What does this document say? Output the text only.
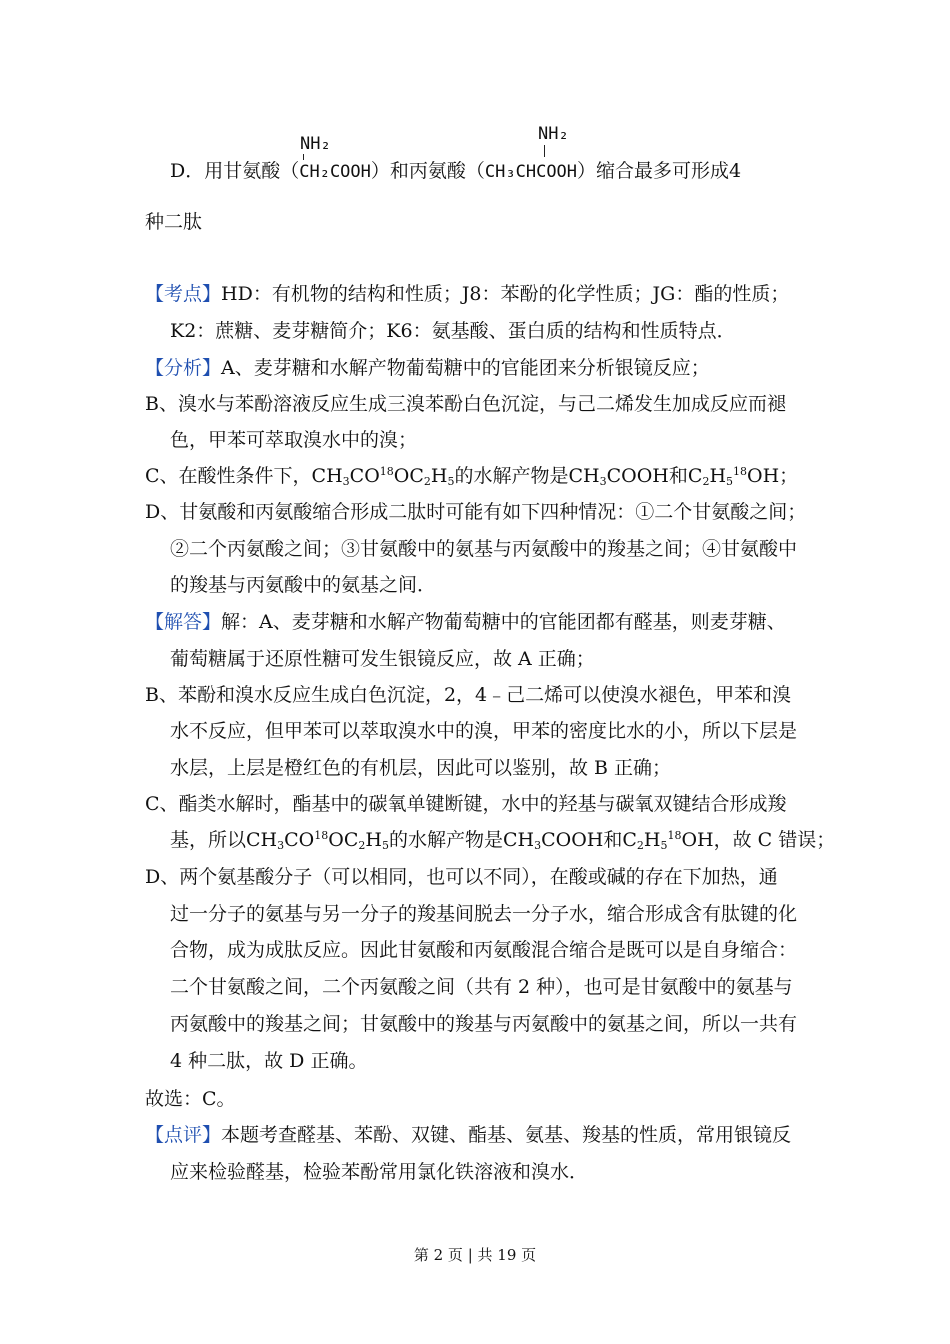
NH₂	NH₂
D．用甘氨酸（CH₂COOH）和丙氨酸（CH₃CHCOOH）缩合最多可形成4
种二肽
【考点】HD：有机物的结构和性质；J8：苯酚的化学性质；JG：酯的性质；
K2：蔗糖、麦芽糖简介；K6：氨基酸、蛋白质的结构和性质特点．
【分析】A、麦芽糖和水解产物葡萄糖中的官能团来分析银镜反应；
B、溴水与苯酚溶液反应生成三溴苯酚白色沉淀，与己二烯发生加成反应而褪
色，甲苯可萃取溴水中的溴；
C、在酸性条件下，$CH_3CO^{18}OC_2H_5$的水解产物是$CH_3COOH$和$C_2H_5^{18}OH$；
D、甘氨酸和丙氨酸缩合形成二肽时可能有如下四种情况：①二个甘氨酸之间；
②二个丙氨酸之间；③甘氨酸中的氨基与丙氨酸中的羧基之间；④甘氨酸中
的羧基与丙氨酸中的氨基之间．
【解答】解：A、麦芽糖和水解产物葡萄糖中的官能团都有醛基，则麦芽糖、
葡萄糖属于还原性糖可发生银镜反应，故 A 正确；
B、苯酚和溴水反应生成白色沉淀，2，4﹣己二烯可以使溴水褪色，甲苯和溴
水不反应，但甲苯可以萃取溴水中的溴，甲苯的密度比水的小，所以下层是
水层，上层是橙红色的有机层，因此可以鉴别，故 B 正确；
C、酯类水解时，酯基中的碳氧单键断键，水中的羟基与碳氧双键结合形成羧
基，所以$CH_3CO^{18}OC_2H_5$的水解产物是$CH_3COOH$和$C_2H_5^{18}OH$，故 C 错误；
D、两个氨基酸分子（可以相同，也可以不同），在酸或碱的存在下加热，通
过一分子的氨基与另一分子的羧基间脱去一分子水，缩合形成含有肽键的化
合物，成为成肽反应。因此甘氨酸和丙氨酸混合缩合是既可以是自身缩合：
二个甘氨酸之间，二个丙氨酸之间（共有 2 种），也可是甘氨酸中的氨基与
丙氨酸中的羧基之间；甘氨酸中的羧基与丙氨酸中的氨基之间，所以一共有
4 种二肽，故 D 正确。
故选：C。
【点评】本题考查醛基、苯酚、双键、酯基、氨基、羧基的性质，常用银镜反
应来检验醛基，检验苯酚常用氯化铁溶液和溴水．
第 2 页 | 共 19 页
